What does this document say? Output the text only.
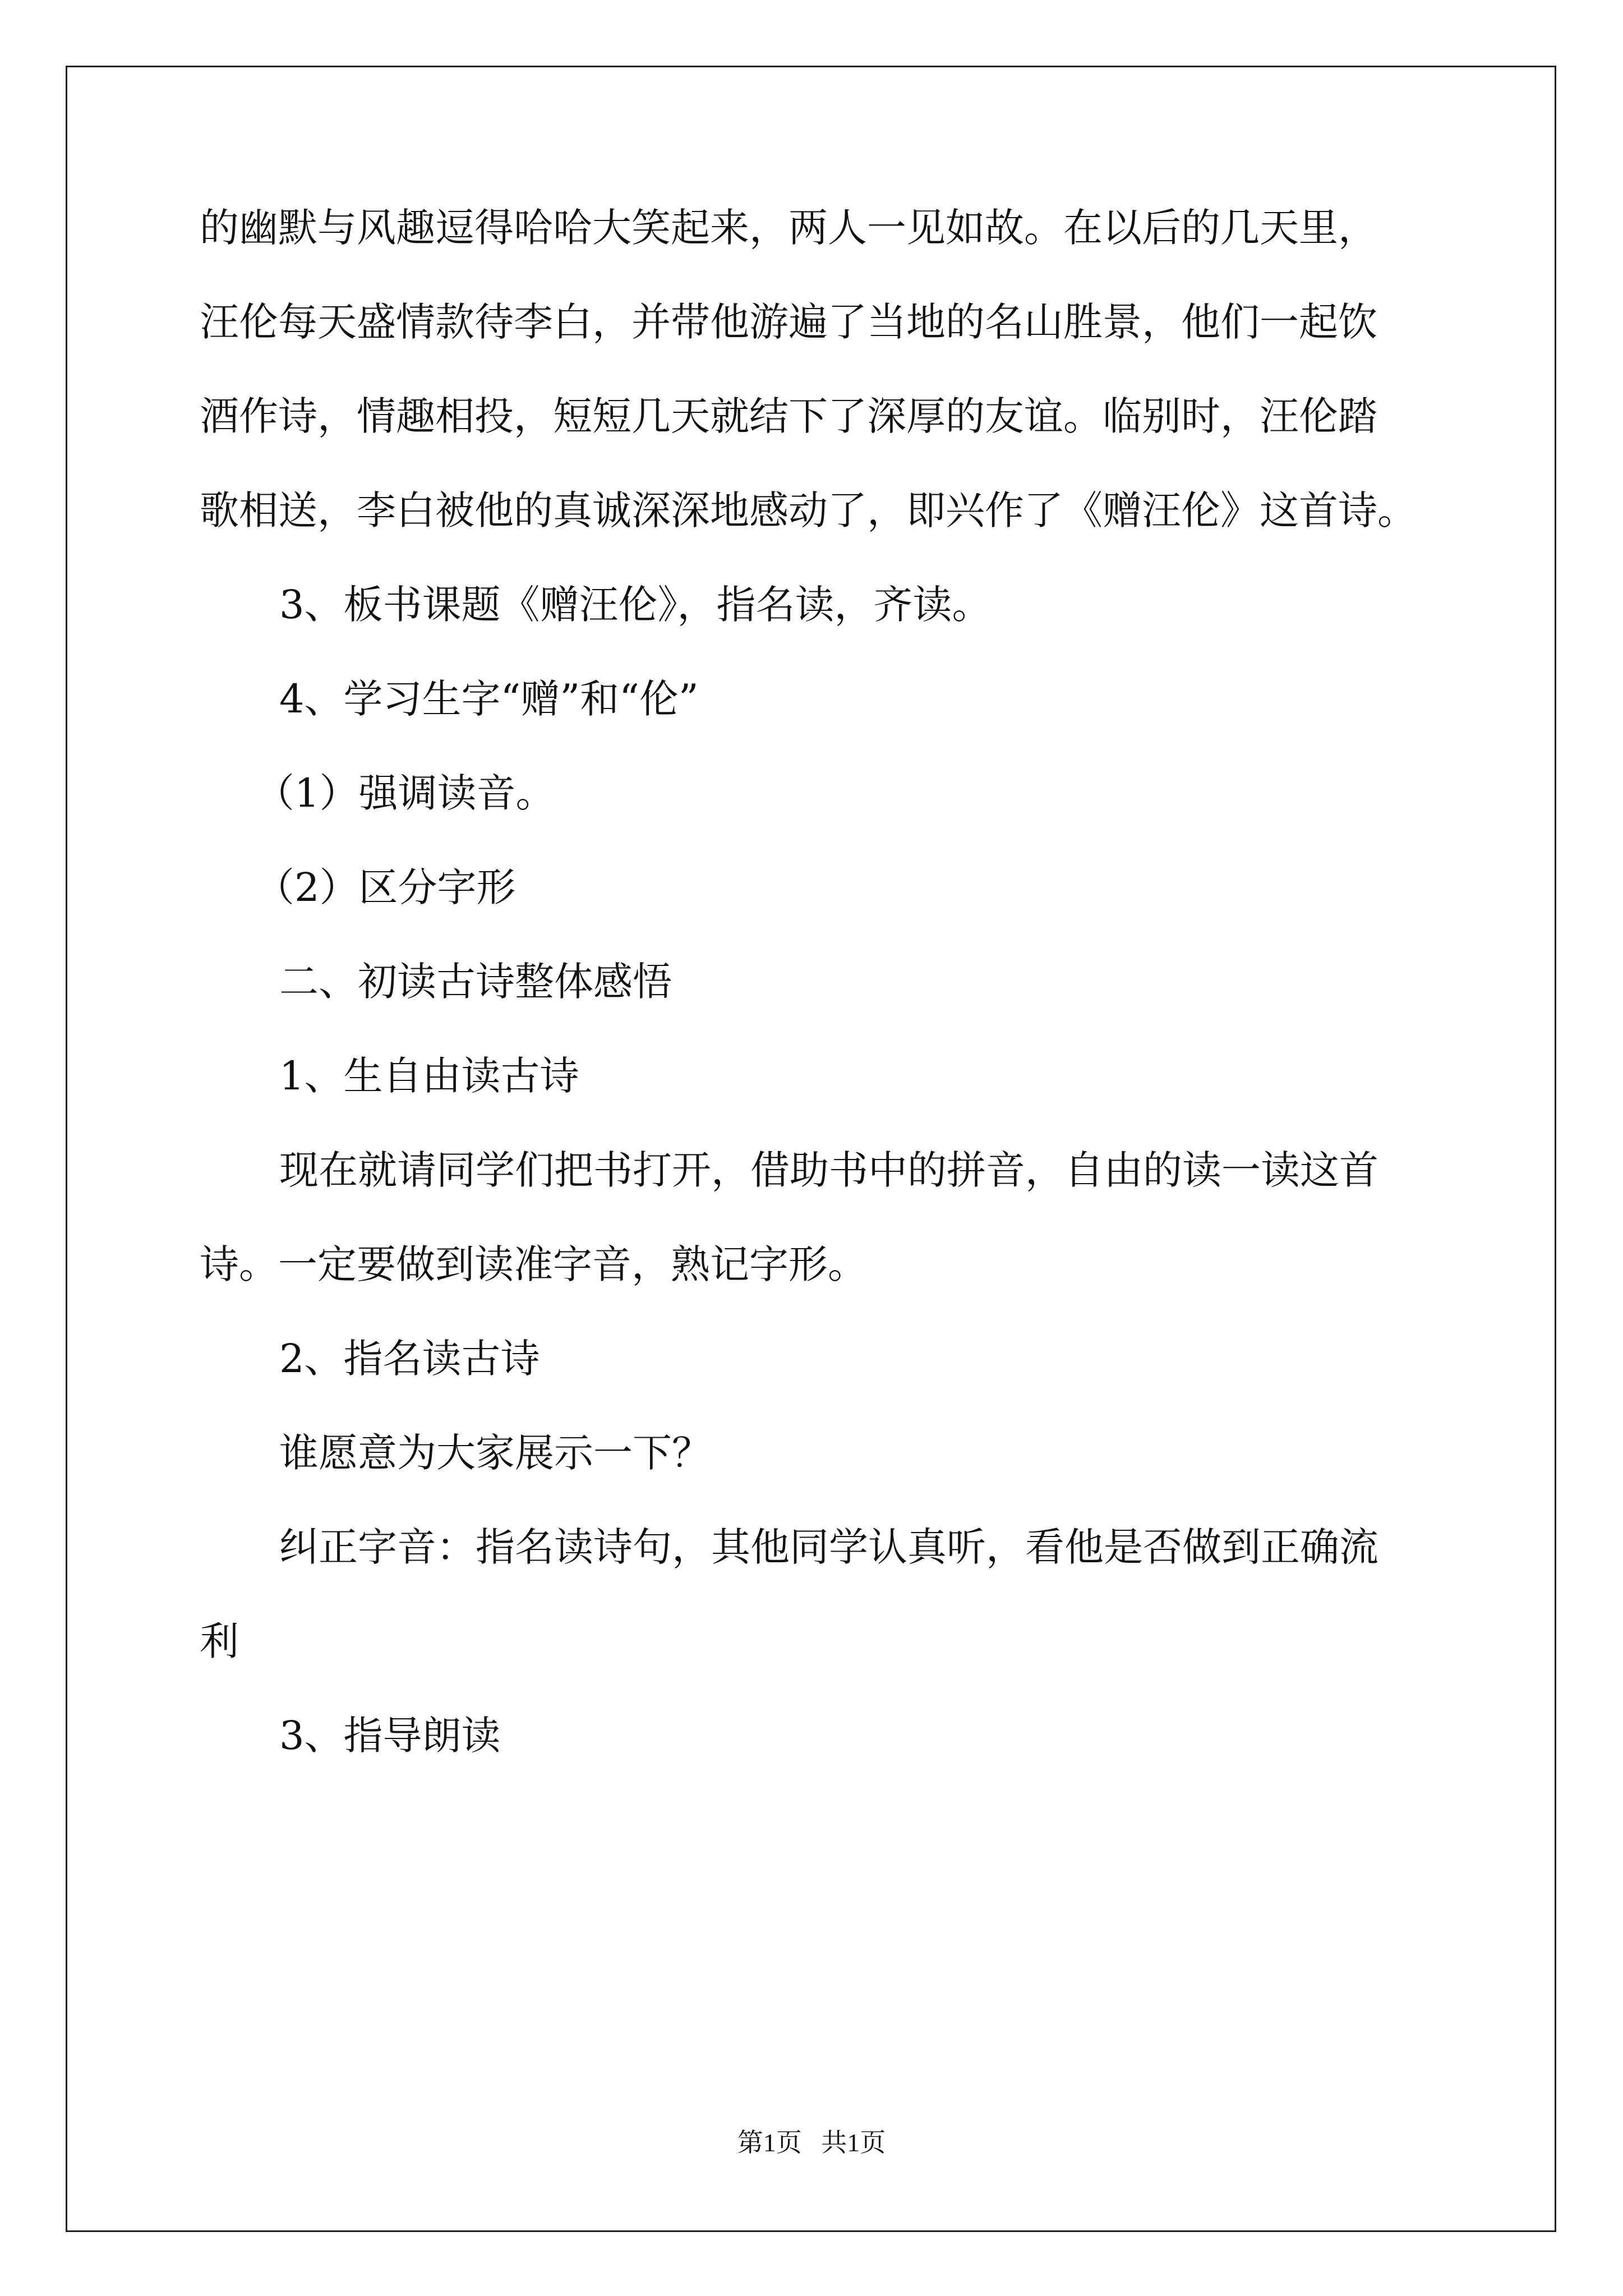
的幽默与风趣逗得哈哈大笑起来，两人一见如故。在以后的几天里，
汪伦每天盛情款待李白，并带他游遍了当地的名山胜景，他们一起饮
酒作诗，情趣相投，短短几天就结下了深厚的友谊。临别时，汪伦踏
歌相送，李白被他的真诚深深地感动了，即兴作了《赠汪伦》这首诗。
3、板书课题《赠汪伦》，指名读，齐读。
4、学习生字“赠”和“伦”
（1）强调读音。
（2）区分字形
二、初读古诗整体感悟
1、生自由读古诗
现在就请同学们把书打开，借助书中的拼音，自由的读一读这首
诗。一定要做到读准字音，熟记字形。
2、指名读古诗
谁愿意为大家展示一下？
纠正字音：指名读诗句，其他同学认真听，看他是否做到正确流
利
3、指导朗读
第1页   共1页
